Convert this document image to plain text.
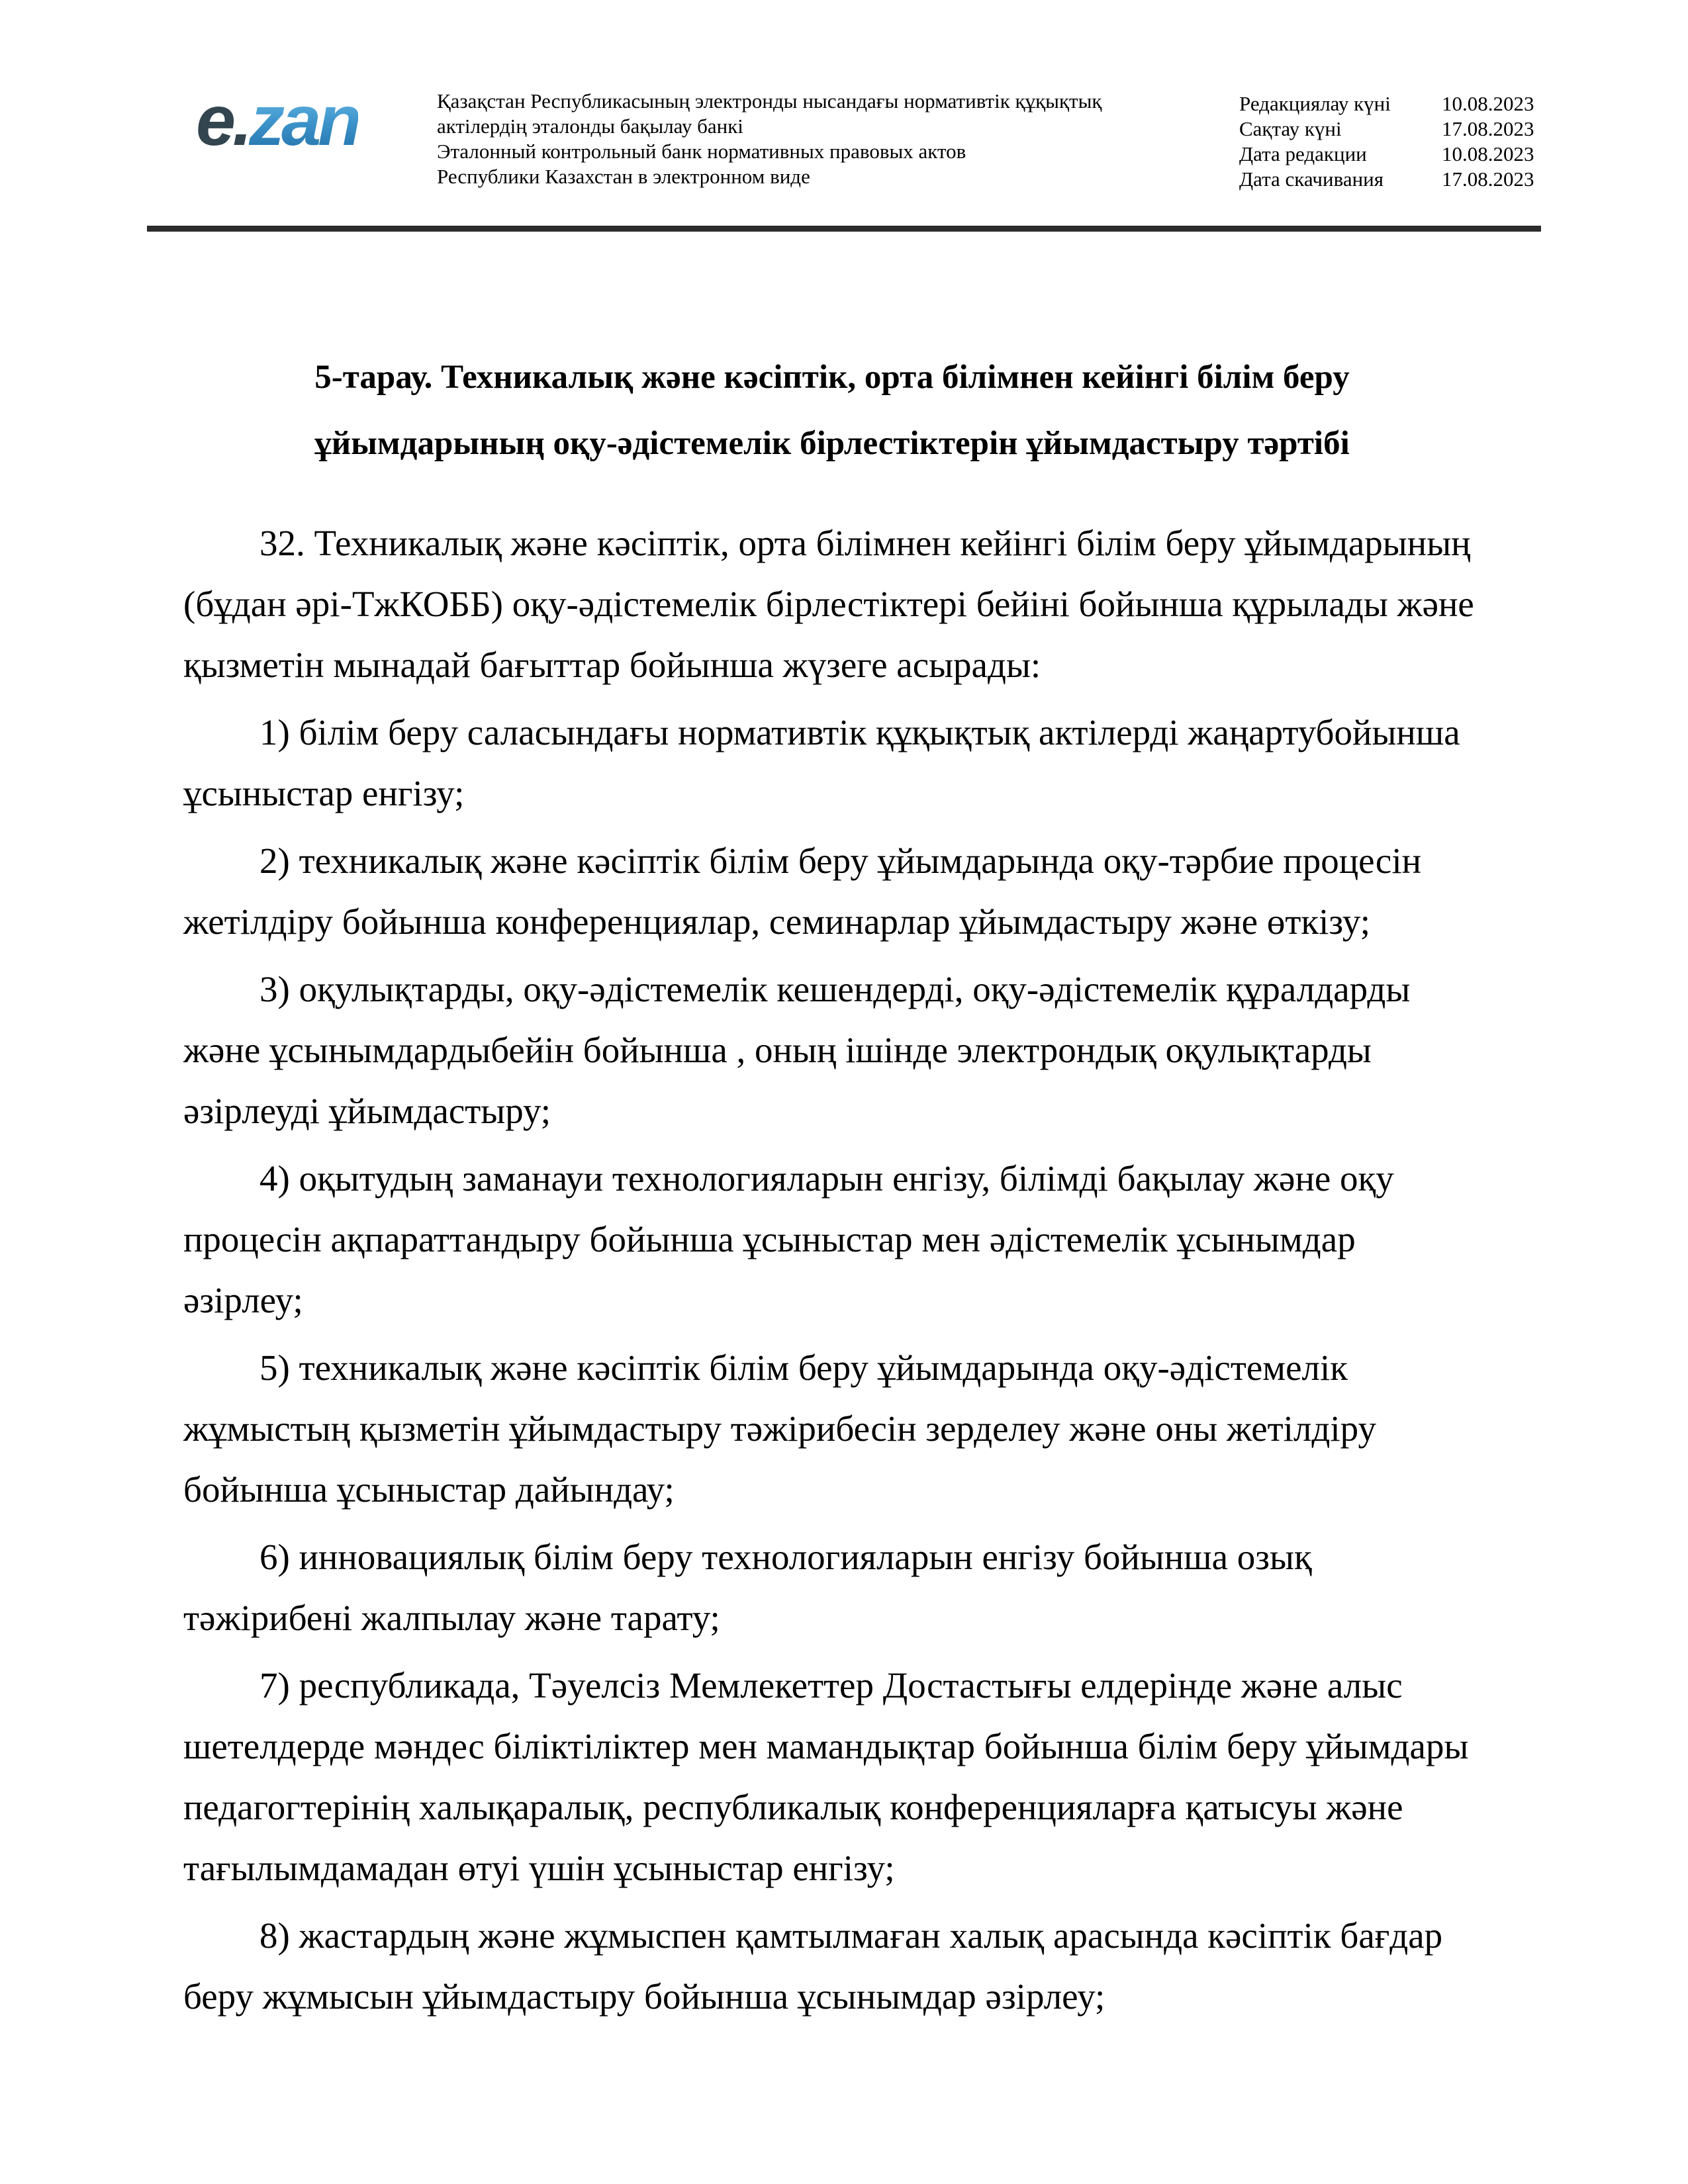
e.zan	Қазақстан Республикасының электронды нысандағы нормативтік құқықтық
актілердің эталонды бақылау банкі
Эталонный контрольный банк нормативных правовых актов
Республики Казахстан в электронном виде
Редакциялау күні	10.08.2023
Сақтау күні	17.08.2023
Дата редакции	10.08.2023
Дата скачивания	17.08.2023
5-тарау. Техникалық және кәсіптік, орта білімнен кейінгі білім беру ұйымдарының оқу-әдістемелік бірлестіктерін ұйымдастыру тәртібі

32. Техникалық және кәсіптік, орта білімнен кейінгі білім беру ұйымдарының (бұдан әрі-ТжКОББ) оқу-әдістемелік бірлестіктері бейіні бойынша құрылады және қызметін мынадай бағыттар бойынша жүзеге асырады:

1) білім беру саласындағы нормативтік құқықтық актілерді жаңартубойынша ұсыныстар енгізу;

2) техникалық және кәсіптік білім беру ұйымдарында оқу-тәрбие процесін жетілдіру бойынша конференциялар, семинарлар ұйымдастыру және өткізу;

3) оқулықтарды, оқу-әдістемелік кешендерді, оқу-әдістемелік құралдарды және ұсынымдардыбейін бойынша , оның ішінде электрондық оқулықтарды әзірлеуді ұйымдастыру;

4) оқытудың заманауи технологияларын енгізу, білімді бақылау және оқу процесін ақпараттандыру бойынша ұсыныстар мен әдістемелік ұсынымдар әзірлеу;

5) техникалық және кәсіптік білім беру ұйымдарында оқу-әдістемелік жұмыстың қызметін ұйымдастыру тәжірибесін зерделеу және оны жетілдіру бойынша ұсыныстар дайындау;

6) инновациялық білім беру технологияларын енгізу бойынша озық тәжірибені жалпылау және тарату;

7) республикада, Тәуелсіз Мемлекеттер Достастығы елдерінде және алыс шетелдерде мәндес біліктіліктер мен мамандықтар бойынша білім беру ұйымдары педагогтерінің халықаралық, республикалық конференцияларға қатысуы және тағылымдамадан өтуі үшін ұсыныстар енгізу;

8) жастардың және жұмыспен қамтылмаған халық арасында кәсіптік бағдар беру жұмысын ұйымдастыру бойынша ұсынымдар әзірлеу;
